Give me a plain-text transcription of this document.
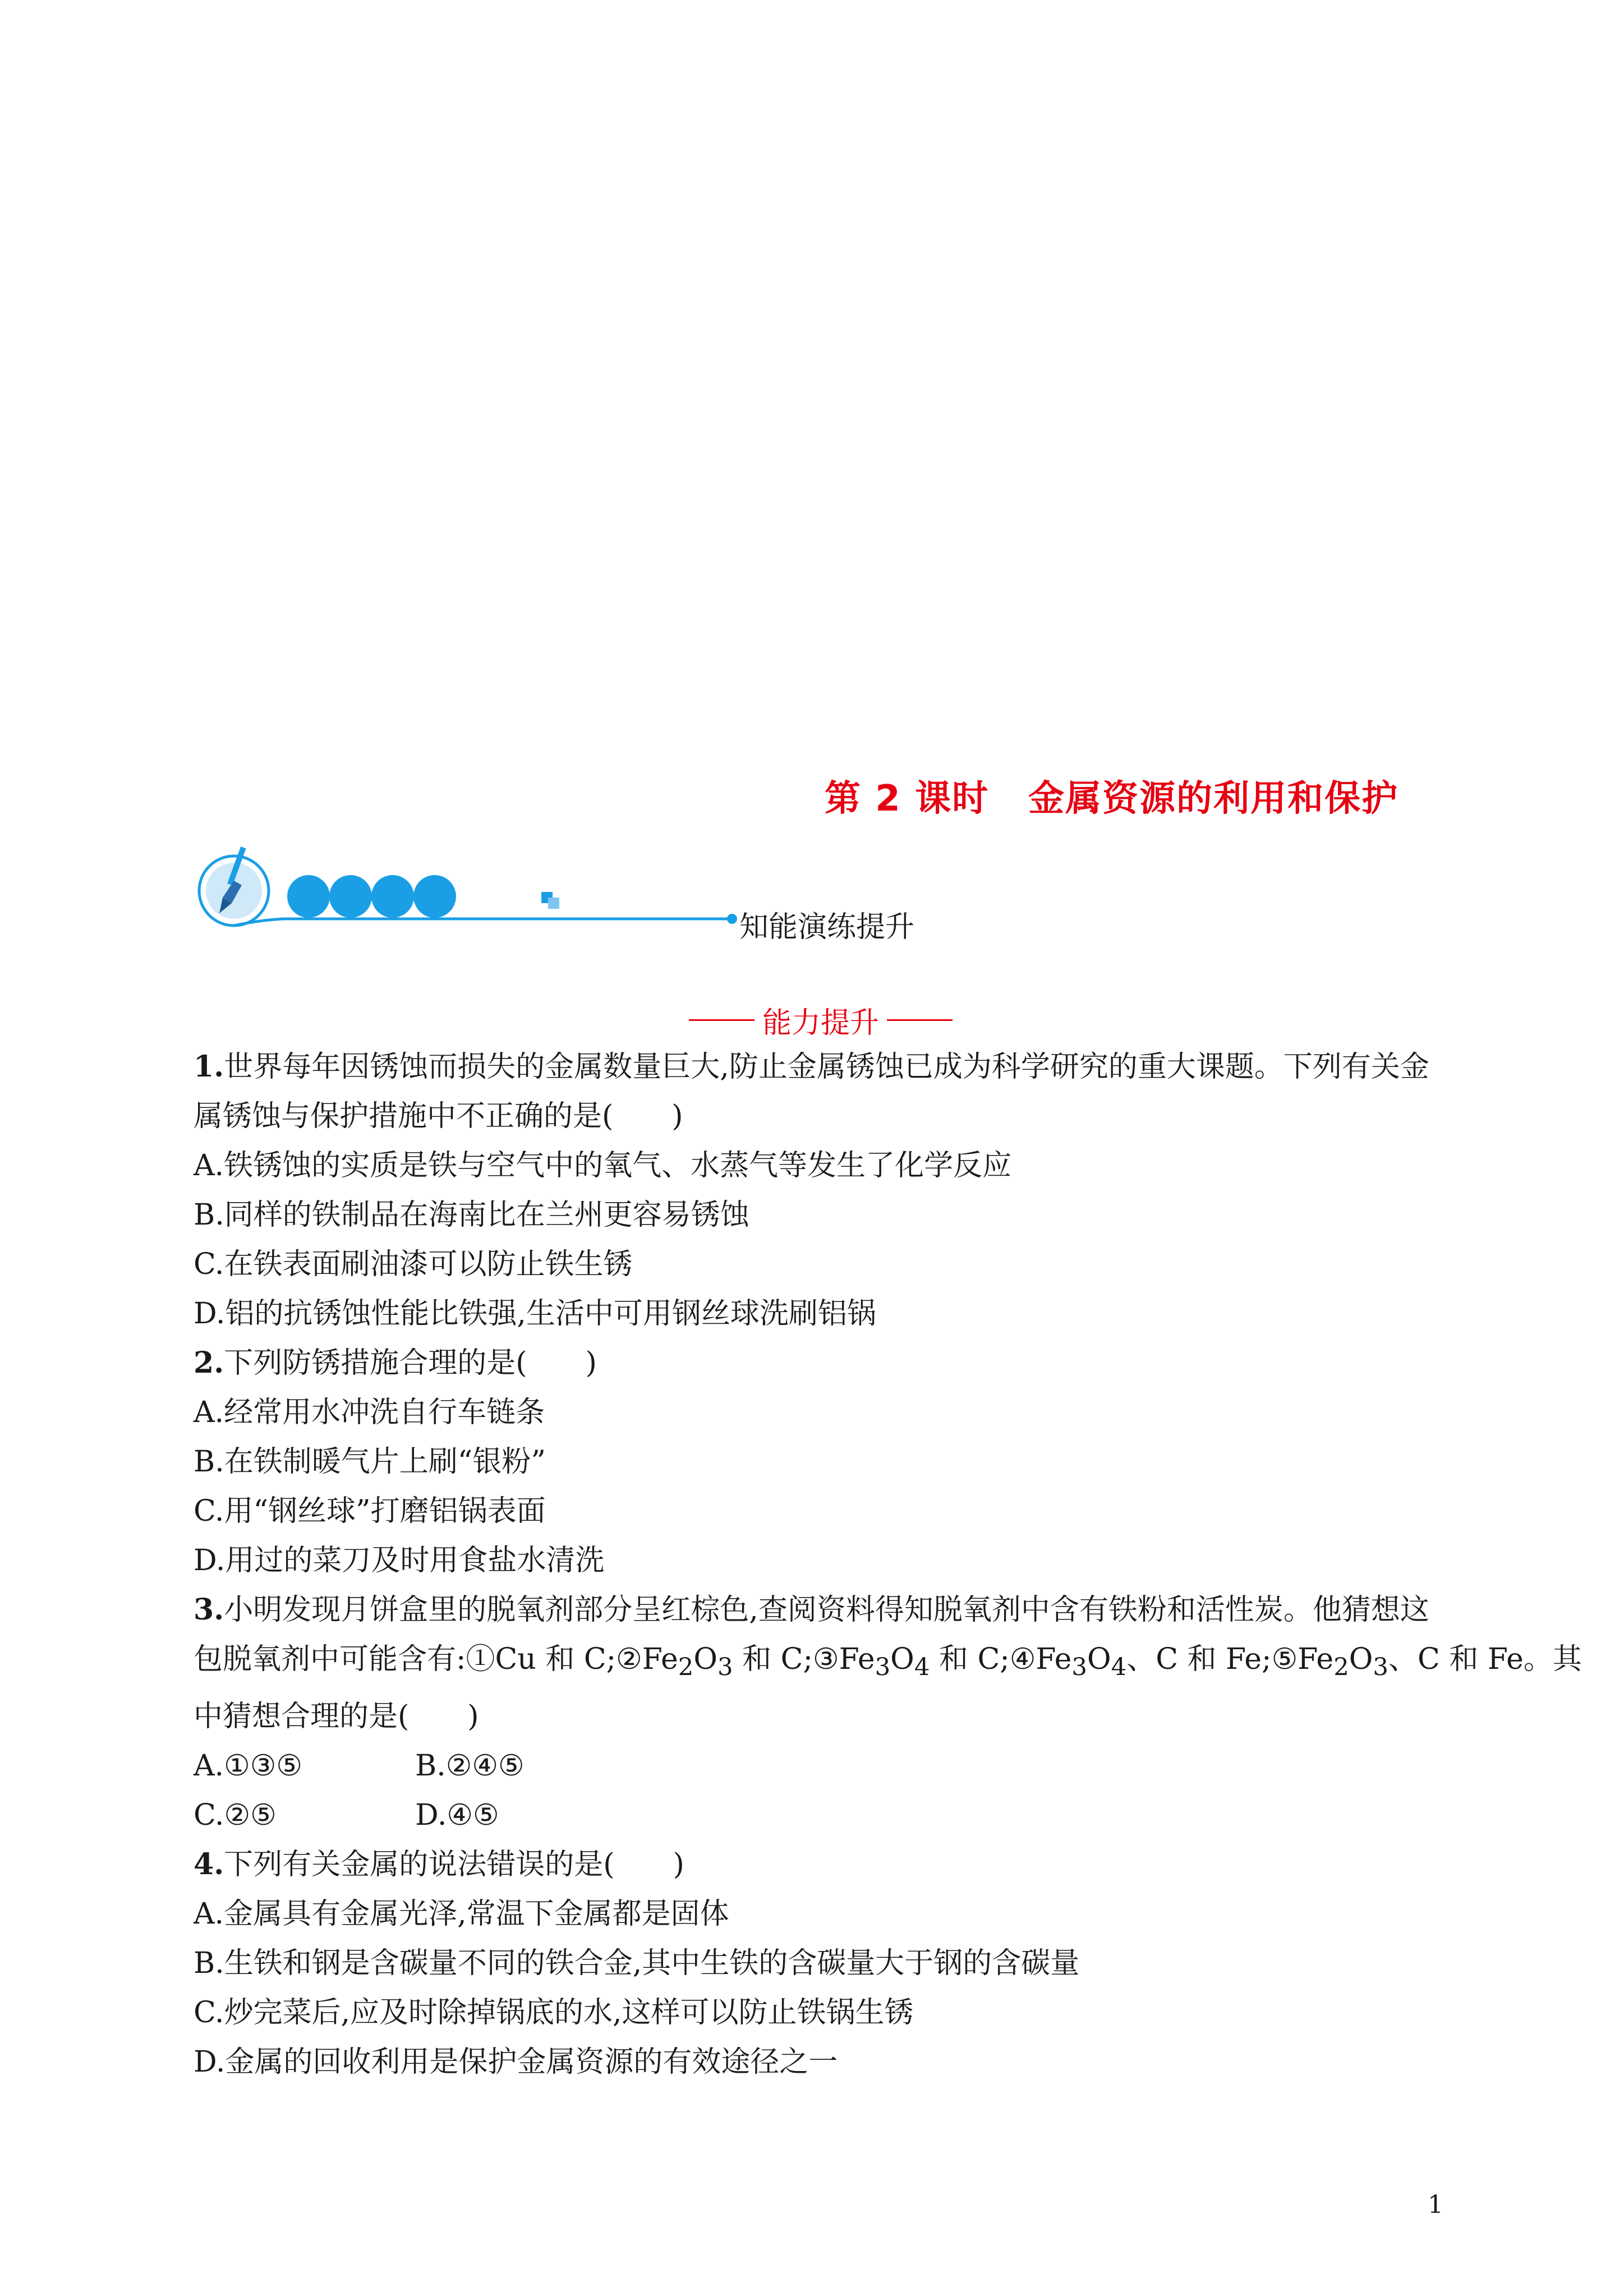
第 2 课时 金属资源的利用和保护
知能演练提升
能力提升

1.世界每年因锈蚀而损失的金属数量巨大,防止金属锈蚀已成为科学研究的重大课题。下列有关金

属锈蚀与保护措施中不正确的是(　　)

A.铁锈蚀的实质是铁与空气中的氧气、水蒸气等发生了化学反应

B.同样的铁制品在海南比在兰州更容易锈蚀

C.在铁表面刷油漆可以防止铁生锈

D.铝的抗锈蚀性能比铁强,生活中可用钢丝球洗刷铝锅

2.下列防锈措施合理的是(　　)

A.经常用水冲洗自行车链条

B.在铁制暖气片上刷“银粉”

C.用“钢丝球”打磨铝锅表面

D.用过的菜刀及时用食盐水清洗

3.小明发现月饼盒里的脱氧剂部分呈红棕色,查阅资料得知脱氧剂中含有铁粉和活性炭。他猜想这

包脱氧剂中可能含有:①Cu 和 $C;②Fe_2O_3$ 和 $C;③Fe_3O_4$ 和 $C;④Fe_3O_4$、C 和 $Fe;⑤Fe_2O_3$、C 和 Fe。其

中猜想合理的是(　　)

A.①③⑤	B.②④⑤
C.②⑤	D.④⑤

4.下列有关金属的说法错误的是(　　)

A.金属具有金属光泽,常温下金属都是固体

B.生铁和钢是含碳量不同的铁合金,其中生铁的含碳量大于钢的含碳量

C.炒完菜后,应及时除掉锅底的水,这样可以防止铁锅生锈

D.金属的回收利用是保护金属资源的有效途径之一

1
